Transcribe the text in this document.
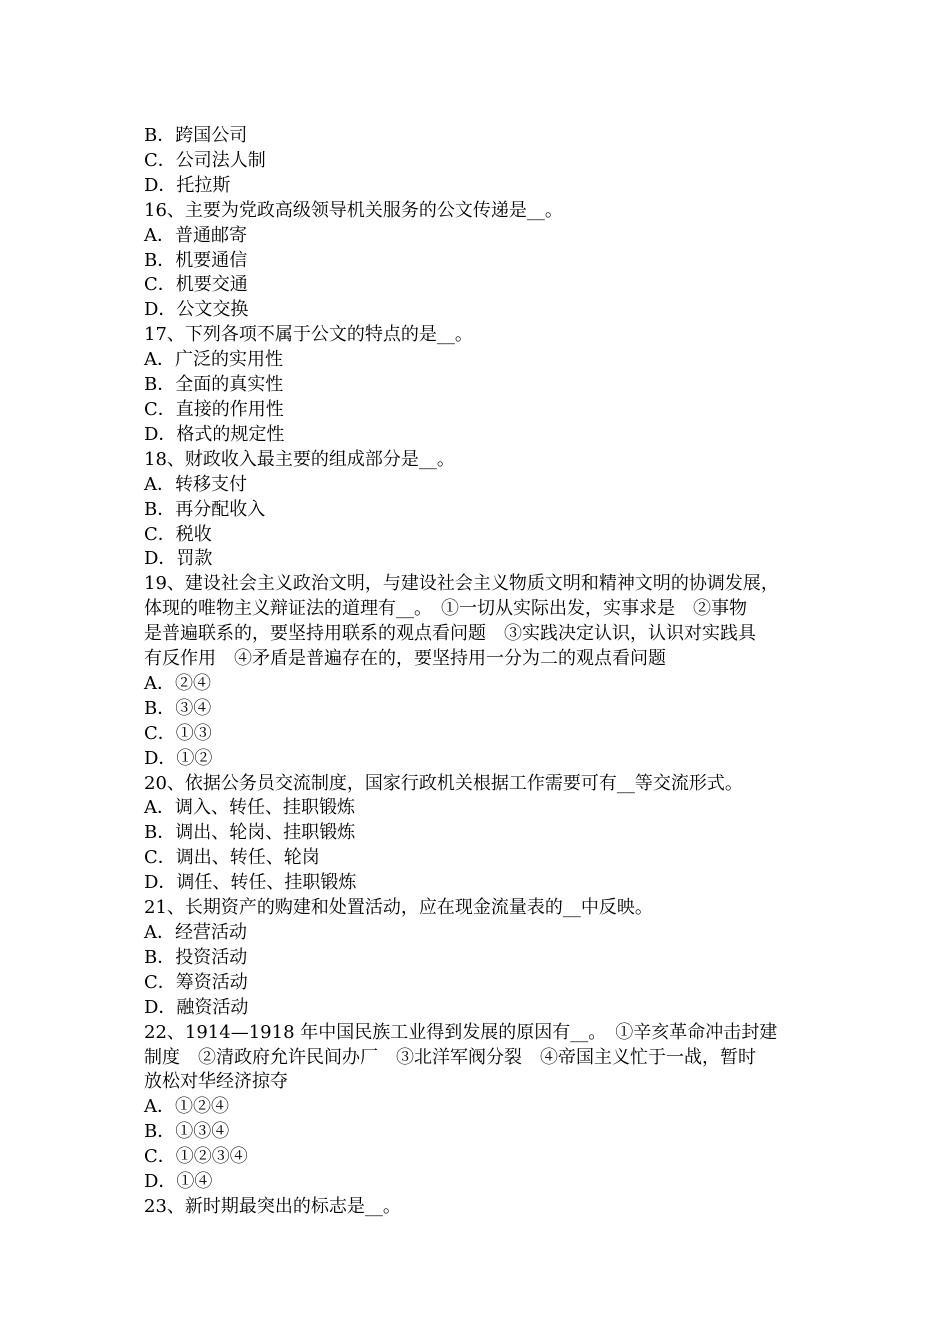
B．跨国公司
C．公司法人制
D．托拉斯
16、主要为党政高级领导机关服务的公文传递是__。
A．普通邮寄
B．机要通信
C．机要交通
D．公文交换
17、下列各项不属于公文的特点的是__。
A．广泛的实用性
B．全面的真实性
C．直接的作用性
D．格式的规定性
18、财政收入最主要的组成部分是__。
A．转移支付
B．再分配收入
C．税收
D．罚款
19、建设社会主义政治文明，与建设社会主义物质文明和精神文明的协调发展，
体现的唯物主义辩证法的道理有__。　①一切从实际出发，实事求是　②事物
是普遍联系的，要坚持用联系的观点看问题　③实践决定认识，认识对实践具
有反作用　④矛盾是普遍存在的，要坚持用一分为二的观点看问题
A．②④
B．③④
C．①③
D．①②
20、依据公务员交流制度，国家行政机关根据工作需要可有__等交流形式。
A．调入、转任、挂职锻炼
B．调出、轮岗、挂职锻炼
C．调出、转任、轮岗
D．调任、转任、挂职锻炼
21、长期资产的购建和处置活动，应在现金流量表的__中反映。
A．经营活动
B．投资活动
C．筹资活动
D．融资活动
22、1914—1918 年中国民族工业得到发展的原因有__。　①辛亥革命冲击封建
制度　②清政府允许民间办厂　③北洋军阀分裂　④帝国主义忙于一战，暂时
放松对华经济掠夺
A．①②④
B．①③④
C．①②③④
D．①④
23、新时期最突出的标志是__。
